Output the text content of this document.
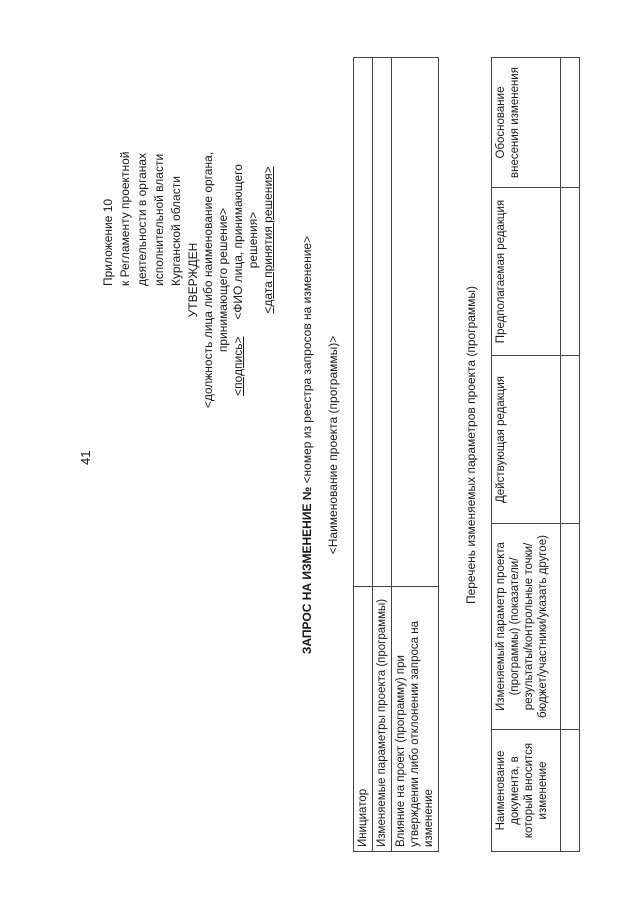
41
Приложение 10 к Регламенту проектной деятельности в органах исполнительной власти Курганской области УТВЕРЖДЕН <должность лица либо наименование органа, принимающего решение>
<подпись>     <ФИО лица, принимающего решения> <дата принятия решения>
ЗАПРОС НА ИЗМЕНЕНИЕ № <номер из реестра запросов на изменение> <Наименование проекта (программы)>
Инициатор	
Изменяемые параметры проекта (программы)	
Влияние на проект (программу) при утверждении либо отклонении запроса на изменение	
Перечень изменяемых параметров проекта (программы)
Наименование документа, в который вносится изменение	Изменяемый параметр проекта (программы) (показатели/результаты/контрольные точки/бюджет/участники/указать другое)	Действующая редакция	Предполагаемая редакция	Обоснование внесения изменения
